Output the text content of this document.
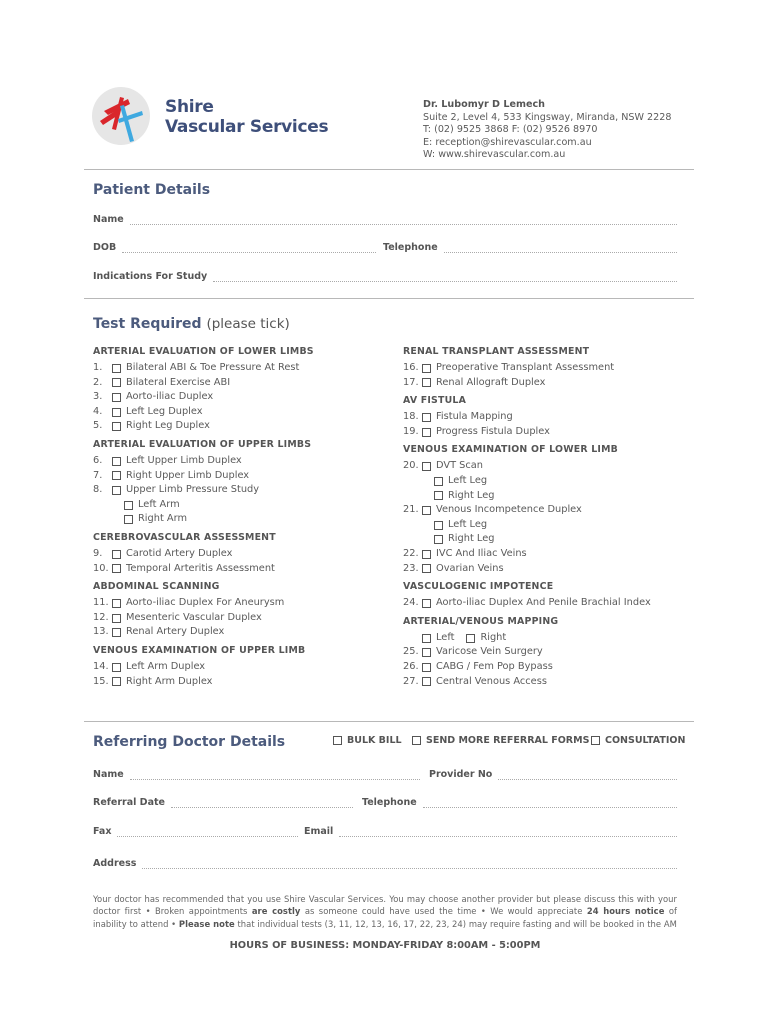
Shire
Vascular Services
Dr. Lubomyr D Lemech
Suite 2, Level 4, 533 Kingsway, Miranda, NSW 2228
T: (02) 9525 3868 F: (02) 9526 8970
E: reception@shirevascular.com.au
W: www.shirevascular.com.au
Patient Details
Name
DOB	Telephone
Indications For Study
Test Required (please tick)
ARTERIAL EVALUATION OF LOWER LIMBS
1.	Bilateral ABI & Toe Pressure At Rest
2.	Bilateral Exercise ABI
3.	Aorto-iliac Duplex
4.	Left Leg Duplex
5.	Right Leg Duplex
ARTERIAL EVALUATION OF UPPER LIMBS
6.	Left Upper Limb Duplex
7.	Right Upper Limb Duplex
8.	Upper Limb Pressure Study
Left Arm
Right Arm
CEREBROVASCULAR ASSESSMENT
9.	Carotid Artery Duplex
10.	Temporal Arteritis Assessment
ABDOMINAL SCANNING
11.	Aorto-iliac Duplex For Aneurysm
12.	Mesenteric Vascular Duplex
13.	Renal Artery Duplex
VENOUS EXAMINATION OF UPPER LIMB
14.	Left Arm Duplex
15.	Right Arm Duplex
RENAL TRANSPLANT ASSESSMENT
16.	Preoperative Transplant Assessment
17.	Renal Allograft Duplex
AV FISTULA
18.	Fistula Mapping
19.	Progress Fistula Duplex
VENOUS EXAMINATION OF LOWER LIMB
20.	DVT Scan
Left Leg
Right Leg
21.	Venous Incompetence Duplex
Left Leg
Right Leg
22.	IVC And Iliac Veins
23.	Ovarian Veins
VASCULOGENIC IMPOTENCE
24.	Aorto-iliac Duplex And Penile Brachial Index
ARTERIAL/VENOUS MAPPING
Left	Right
25.	Varicose Vein Surgery
26.	CABG / Fem Pop Bypass
27.	Central Venous Access
Referring Doctor Details	BULK BILL	SEND MORE REFERRAL FORMS CONSULTATION
Name	Provider No
Referral Date	Telephone
Fax	Email
Address
Your doctor has recommended that you use Shire Vascular Services. You may choose another provider but please discuss this with your doctor first • Broken appointments are costly as someone could have used the time • We would appreciate 24 hours notice of inability to attend • Please note that individual tests (3, 11, 12, 13, 16, 17, 22, 23, 24) may require fasting and will be booked in the AM
HOURS OF BUSINESS: MONDAY-FRIDAY 8:00AM - 5:00PM
